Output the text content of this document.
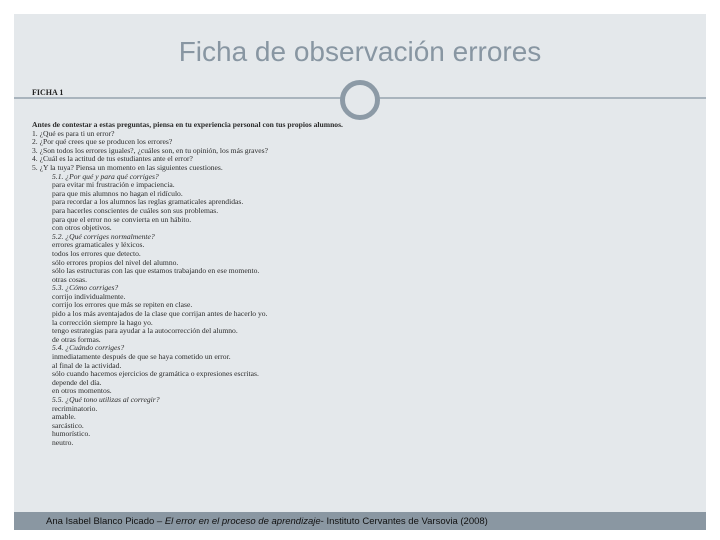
Ficha de observación errores
FICHA 1
Antes de contestar a estas preguntas, piensa en tu experiencia personal con tus propios alumnos.
1. ¿Qué es para ti un error?
2. ¿Por qué crees que se producen los errores?
3. ¿Son todos los errores iguales?, ¿cuáles son, en tu opinión, los más graves?
4. ¿Cuál es la actitud de tus estudiantes ante el error?
5. ¿Y la tuya? Piensa un momento en las siguientes cuestiones.
5.1. ¿Por qué y para qué corriges?
para evitar mi frustración e impaciencia.
para que mis alumnos no hagan el ridículo.
para recordar a los alumnos las reglas gramaticales aprendidas.
para hacerles conscientes de cuáles son sus problemas.
para que el error no se convierta en un hábito.
con otros objetivos.
5.2. ¿Qué corriges normalmente?
errores gramaticales y léxicos.
todos los errores que detecto.
sólo errores propios del nivel del alumno.
sólo las estructuras con las que estamos trabajando en ese momento.
otras cosas.
5.3. ¿Cómo corriges?
corrijo individualmente.
corrijo los errores que más se repiten en clase.
pido a los más aventajados de la clase que corrijan antes de hacerlo yo.
la corrección siempre la hago yo.
tengo estrategias para ayudar a la autocorrección del alumno.
de otras formas.
5.4. ¿Cuándo corriges?
inmediatamente después de que se haya cometido un error.
al final de la actividad.
sólo cuando hacemos ejercicios de gramática o expresiones escritas.
depende del día.
en otros momentos.
5.5. ¿Qué tono utilizas al corregir?
recriminatorio.
amable.
sarcástico.
humorístico.
neutro.
Ana Isabel Blanco Picado – El error en el proceso de aprendizaje- Instituto Cervantes de Varsovia (2008)
